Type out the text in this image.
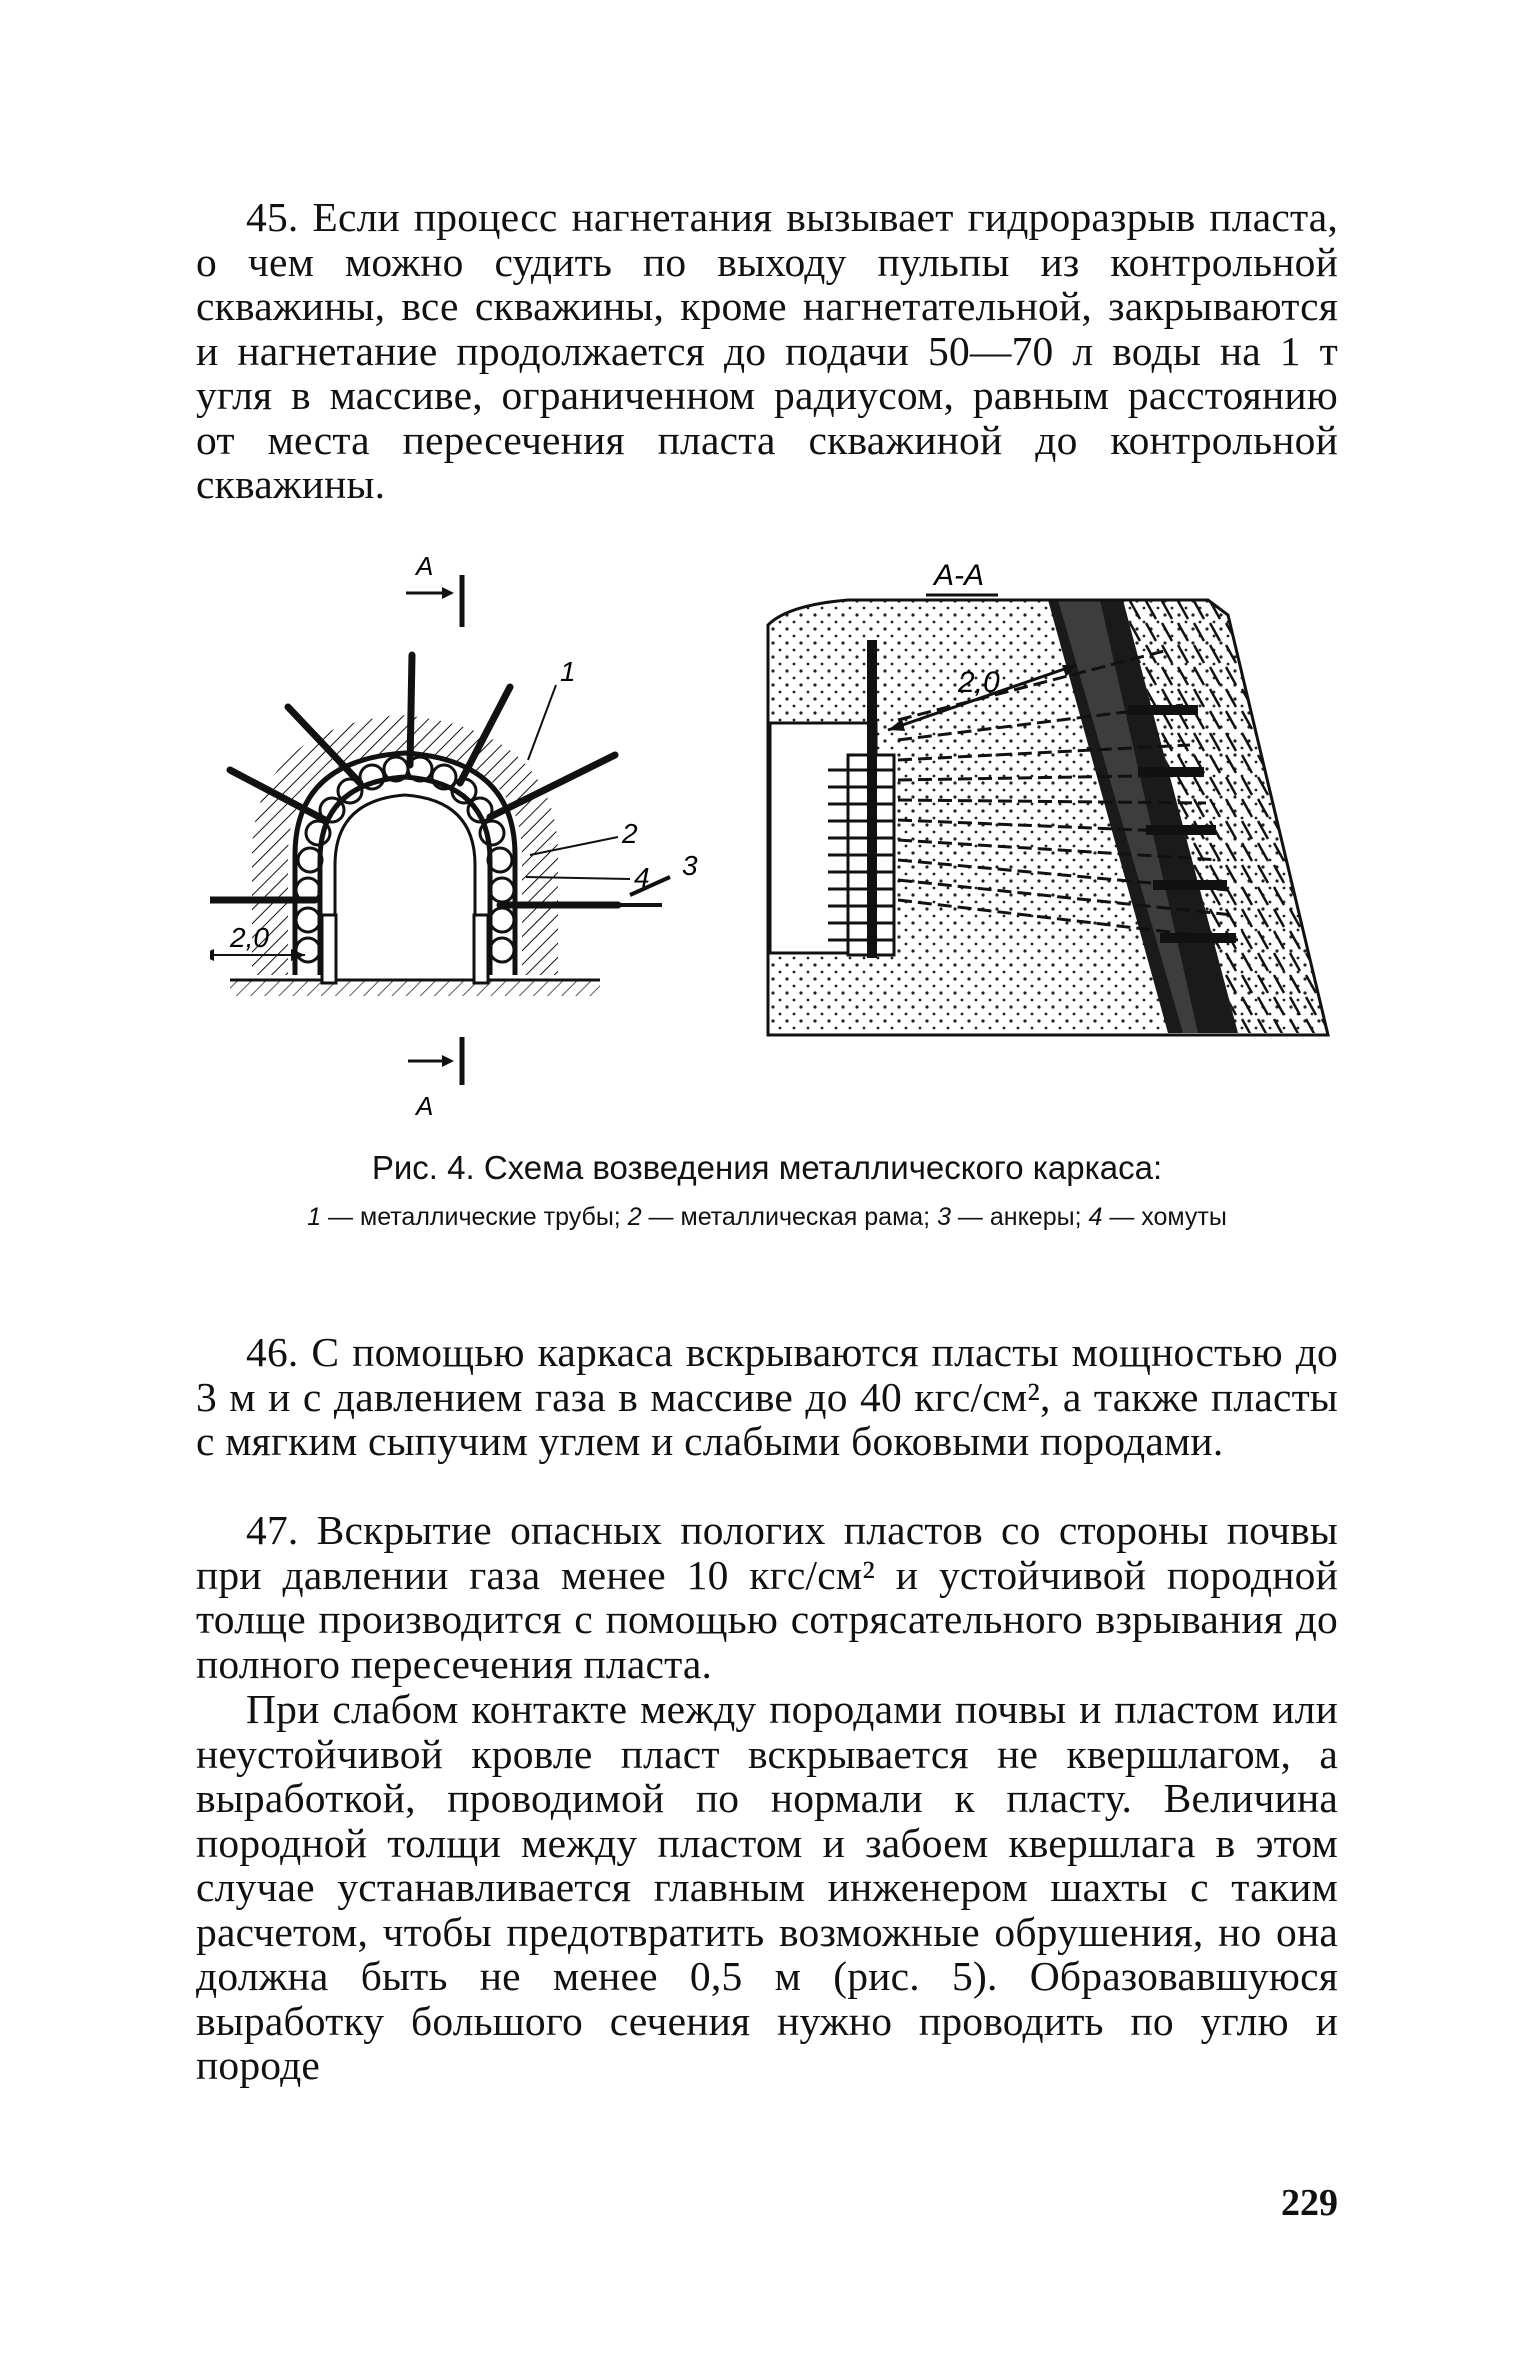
45. Если процесс нагнетания вызывает гидроразрыв пласта, о чем можно судить по выходу пульпы из контрольной скважины, все скважины, кроме нагнетательной, закрываются и нагнетание продолжается до подачи 50—70 л воды на 1 т угля в массиве, ограниченном радиусом, равным расстоянию от места пересечения пласта скважиной до контрольной скважины.

А
1
2
4 3
2,0
А
А-А
2,0
Рис. 4. Схема возведения металлического каркаса:
1 — металлические трубы; 2 — металлическая рама; 3 — анкеры; 4 — хомуты

46. С помощью каркаса вскрываются пласты мощностью до 3 м и с давлением газа в массиве до 40 кгс/см², а также пласты с мягким сыпучим углем и слабыми боковыми породами.

47. Вскрытие опасных пологих пластов со стороны почвы при давлении газа менее 10 кгс/см² и устойчивой породной толще производится с помощью сотрясательного взрывания до полного пересечения пласта.

При слабом контакте между породами почвы и пластом или неустойчивой кровле пласт вскрывается не квершлагом, а выработкой, проводимой по нормали к пласту. Величина породной толщи между пластом и забоем квершлага в этом случае устанавливается главным инженером шахты с таким расчетом, чтобы предотвратить возможные обрушения, но она должна быть не менее 0,5 м (рис. 5). Образовавшуюся выработку большого сечения нужно проводить по углю и породе

229
